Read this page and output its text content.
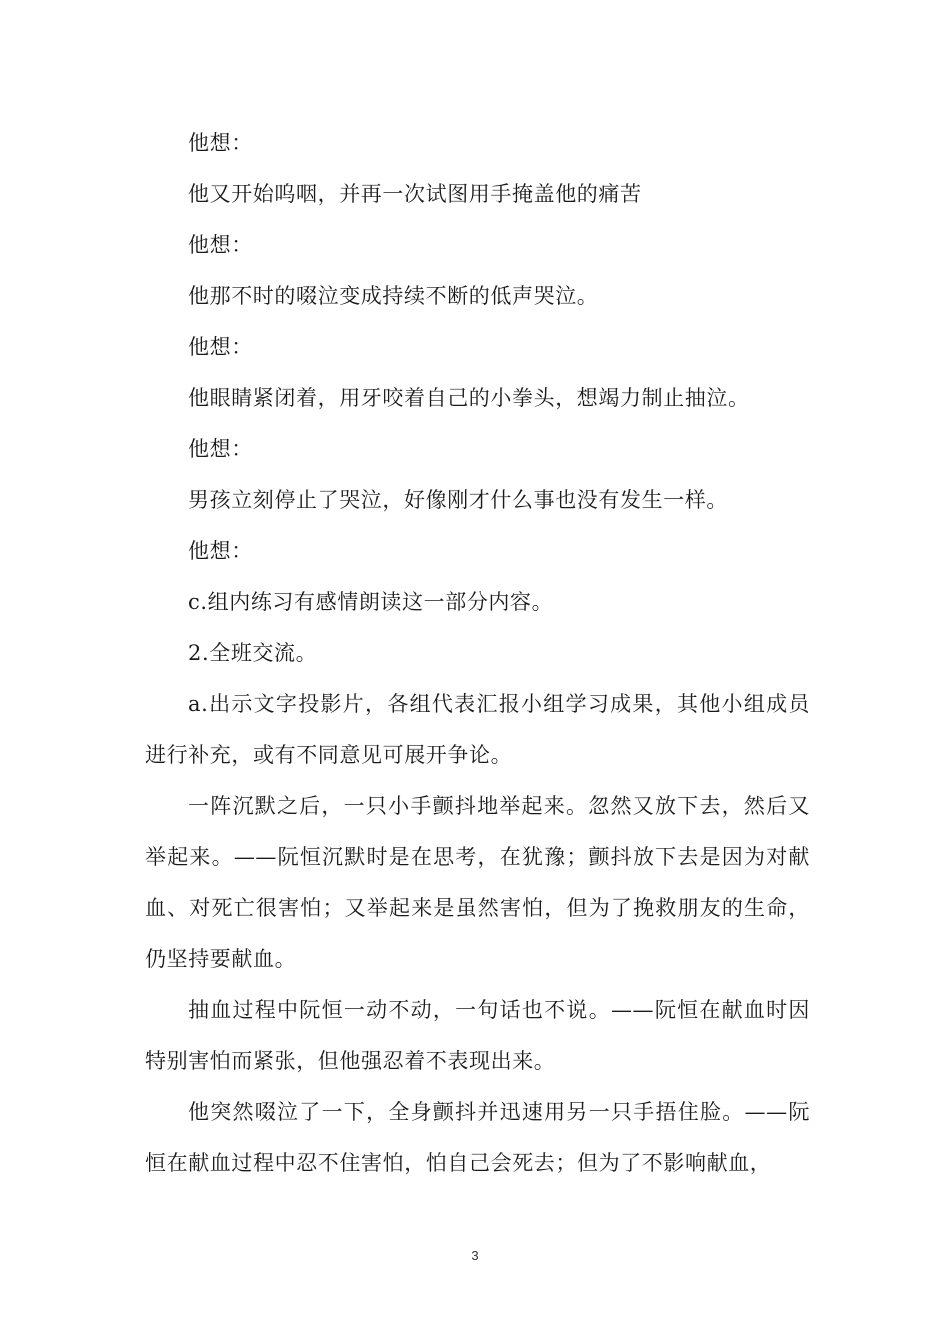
他想：

他又开始呜咽，并再一次试图用手掩盖他的痛苦

他想：

他那不时的啜泣变成持续不断的低声哭泣。

他想：

他眼睛紧闭着，用牙咬着自己的小拳头，想竭力制止抽泣。

他想：

男孩立刻停止了哭泣，好像刚才什么事也没有发生一样。

他想：

c.组内练习有感情朗读这一部分内容。

2.全班交流。

a.出示文字投影片，各组代表汇报小组学习成果，其他小组成员进行补充，或有不同意见可展开争论。

一阵沉默之后，一只小手颤抖地举起来。忽然又放下去，然后又举起来。——阮恒沉默时是在思考，在犹豫；颤抖放下去是因为对献血、对死亡很害怕；又举起来是虽然害怕，但为了挽救朋友的生命，仍坚持要献血。

抽血过程中阮恒一动不动，一句话也不说。——阮恒在献血时因特别害怕而紧张，但他强忍着不表现出来。

他突然啜泣了一下，全身颤抖并迅速用另一只手捂住脸。——阮恒在献血过程中忍不住害怕，怕自己会死去；但为了不影响献血，

3
